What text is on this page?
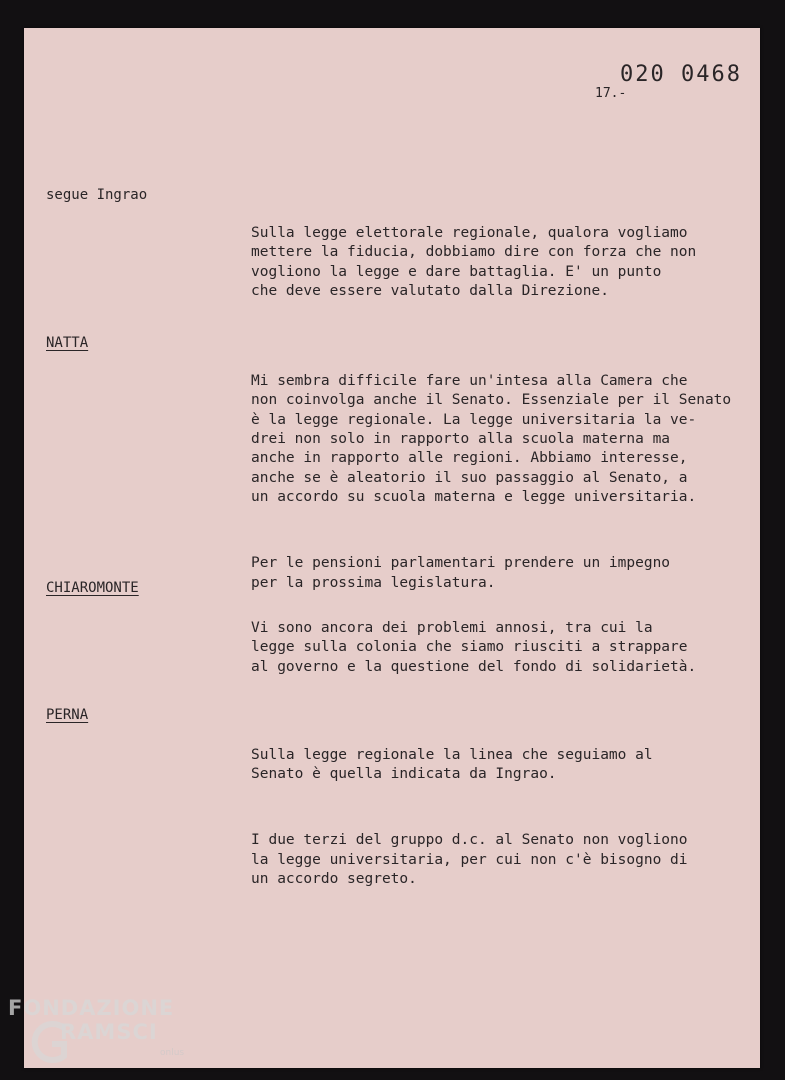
020 0468
17.-
segue Ingrao

Sulla legge elettorale regionale, qualora vogliamo
mettere la fiducia, dobbiamo dire con forza che non
vogliono la legge e dare battaglia. E' un punto
che deve essere valutato dalla Direzione.

NATTA

Mi sembra difficile fare un'intesa alla Camera che
non coinvolga anche il Senato. Essenziale per il Senato
è la legge regionale. La legge universitaria la ve-
drei non solo in rapporto alla scuola materna ma
anche in rapporto alle regioni. Abbiamo interesse,
anche se è aleatorio il suo passaggio al Senato, a
un accordo su scuola materna e legge universitaria.

Per le pensioni parlamentari prendere un impegno
per la prossima legislatura.

CHIAROMONTE

Vi sono ancora dei problemi annosi, tra cui la
legge sulla colonia che siamo riusciti a strappare
al governo e la questione del fondo di solidarietà.

PERNA

Sulla legge regionale la linea che seguiamo al
Senato è quella indicata da Ingrao.

I due terzi del gruppo d.c. al Senato non vogliono
la legge universitaria, per cui non c'è bisogno di
un accordo segreto.

FONDAZIONE
RAMSCI
onlus
